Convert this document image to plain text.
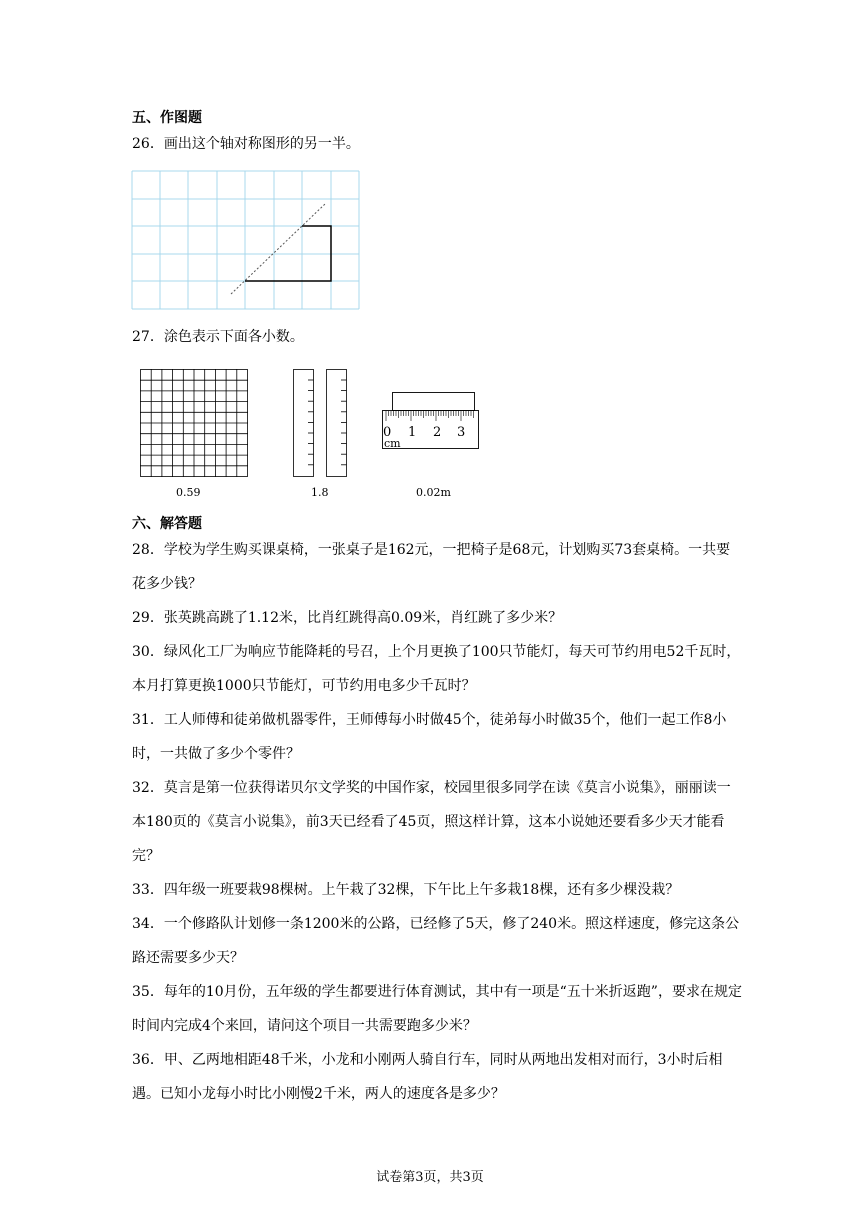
五、作图题
26．画出这个轴对称图形的另一半。
27．涂色表示下面各小数。
0.59	1.8
0 1 2 3
cm
0.02m
六、解答题

28．学校为学生购买课桌椅，一张桌子是162元，一把椅子是68元，计划购买73套桌椅。一共要花多少钱？

29．张英跳高跳了1.12米，比肖红跳得高0.09米，肖红跳了多少米？

30．绿风化工厂为响应节能降耗的号召，上个月更换了100只节能灯，每天可节约用电52千瓦时，本月打算更换1000只节能灯，可节约用电多少千瓦时？

31．工人师傅和徒弟做机器零件，王师傅每小时做45个，徒弟每小时做35个，他们一起工作8小时，一共做了多少个零件？

32．莫言是第一位获得诺贝尔文学奖的中国作家，校园里很多同学在读《莫言小说集》，丽丽读一本180页的《莫言小说集》，前3天已经看了45页，照这样计算，这本小说她还要看多少天才能看完？

33．四年级一班要栽98棵树。上午栽了32棵，下午比上午多栽18棵，还有多少棵没栽？

34．一个修路队计划修一条1200米的公路，已经修了5天，修了240米。照这样速度，修完这条公路还需要多少天？

35．每年的10月份，五年级的学生都要进行体育测试，其中有一项是“五十米折返跑”，要求在规定时间内完成4个来回，请问这个项目一共需要跑多少米？

36．甲、乙两地相距48千米，小龙和小刚两人骑自行车，同时从两地出发相对而行，3小时后相遇。已知小龙每小时比小刚慢2千米，两人的速度各是多少？

试卷第3页，共3页
